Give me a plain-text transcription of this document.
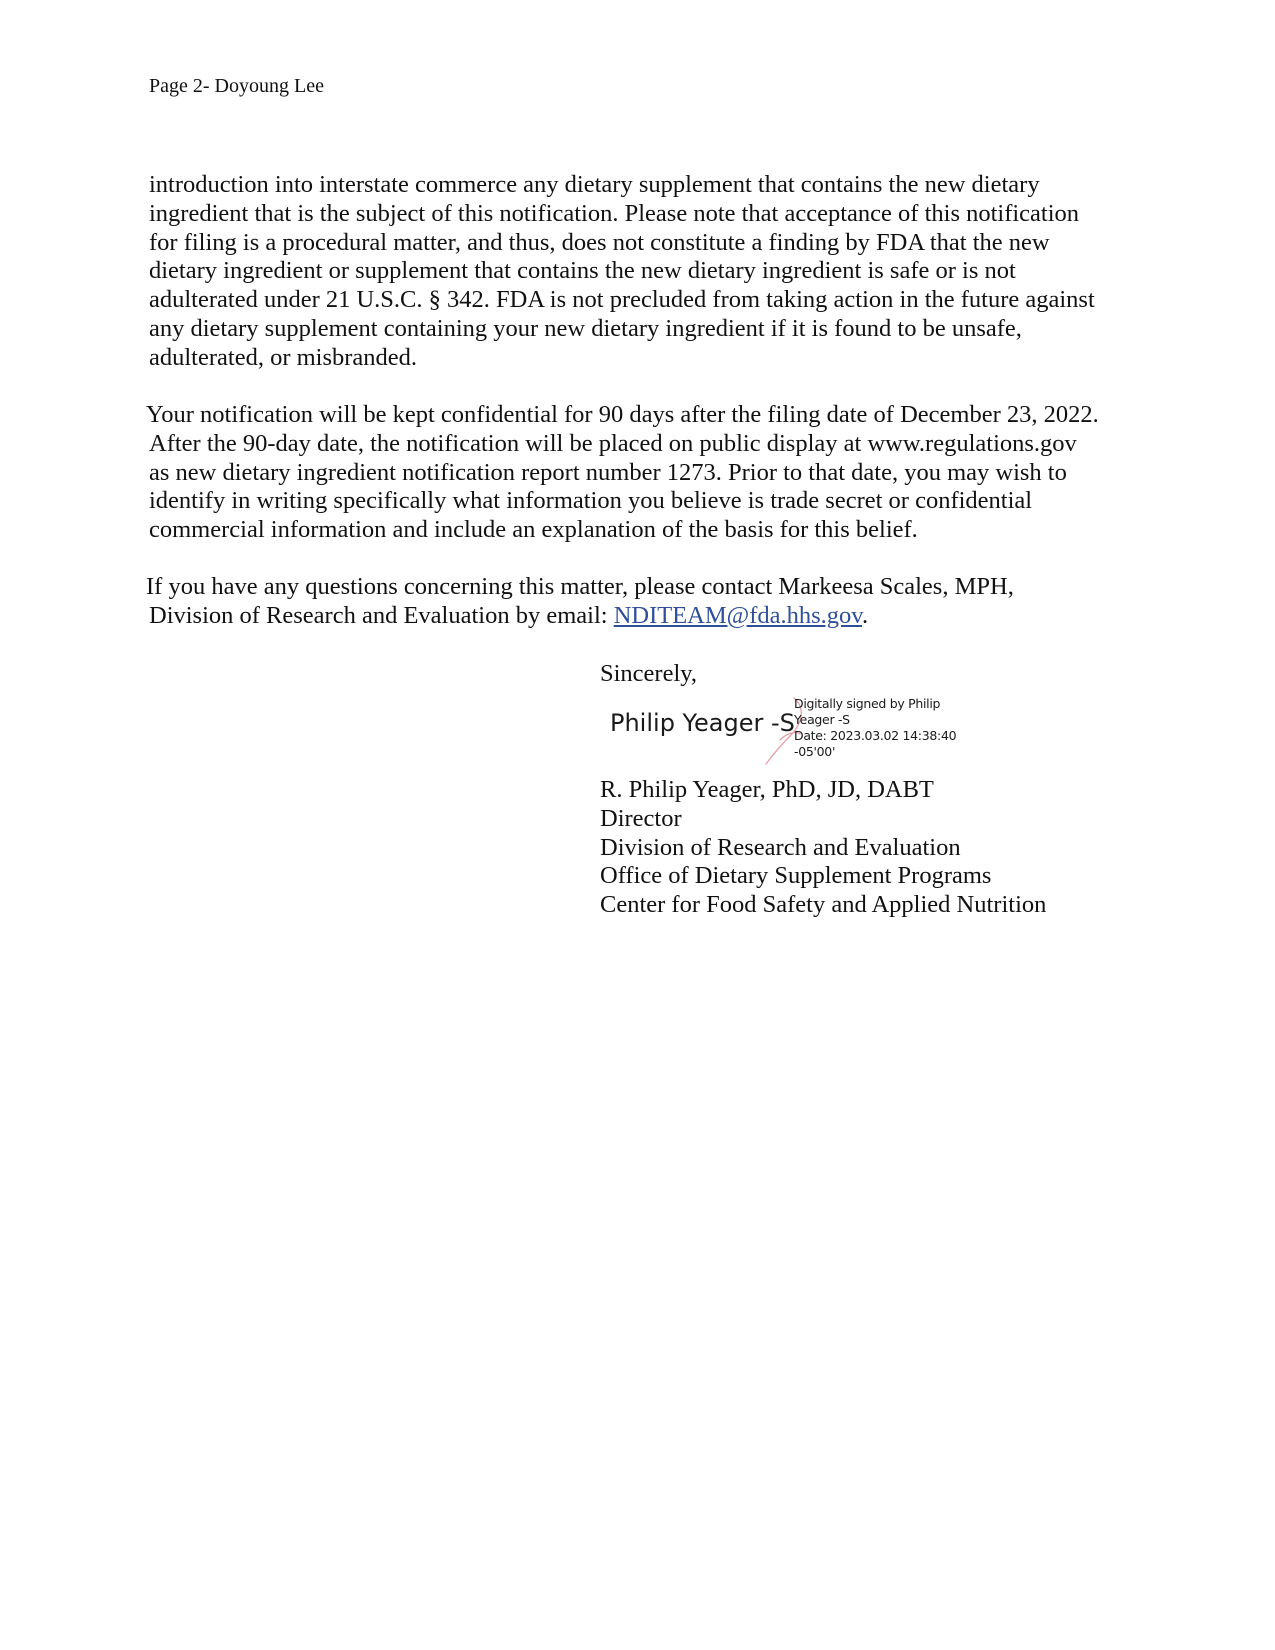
Page 2- Doyoung Lee
introduction into interstate commerce any dietary supplement that contains the new dietary
ingredient that is the subject of this notification. Please note that acceptance of this notification
for filing is a procedural matter, and thus, does not constitute a finding by FDA that the new
dietary ingredient or supplement that contains the new dietary ingredient is safe or is not
adulterated under 21 U.S.C. § 342. FDA is not precluded from taking action in the future against
any dietary supplement containing your new dietary ingredient if it is found to be unsafe,
adulterated, or misbranded.
Your notification will be kept confidential for 90 days after the filing date of December 23, 2022.
After the 90-day date, the notification will be placed on public display at www.regulations.gov
as new dietary ingredient notification report number 1273. Prior to that date, you may wish to
identify in writing specifically what information you believe is trade secret or confidential
commercial information and include an explanation of the basis for this belief.
If you have any questions concerning this matter, please contact Markeesa Scales, MPH,
Division of Research and Evaluation by email: NDITEAM@fda.hhs.gov.
Sincerely,
Philip Yeager -S
Digitally signed by Philip
Yeager -S
Date: 2023.03.02 14:38:40
-05'00'
R. Philip Yeager, PhD, JD, DABT
Director
Division of Research and Evaluation
Office of Dietary Supplement Programs
Center for Food Safety and Applied Nutrition
